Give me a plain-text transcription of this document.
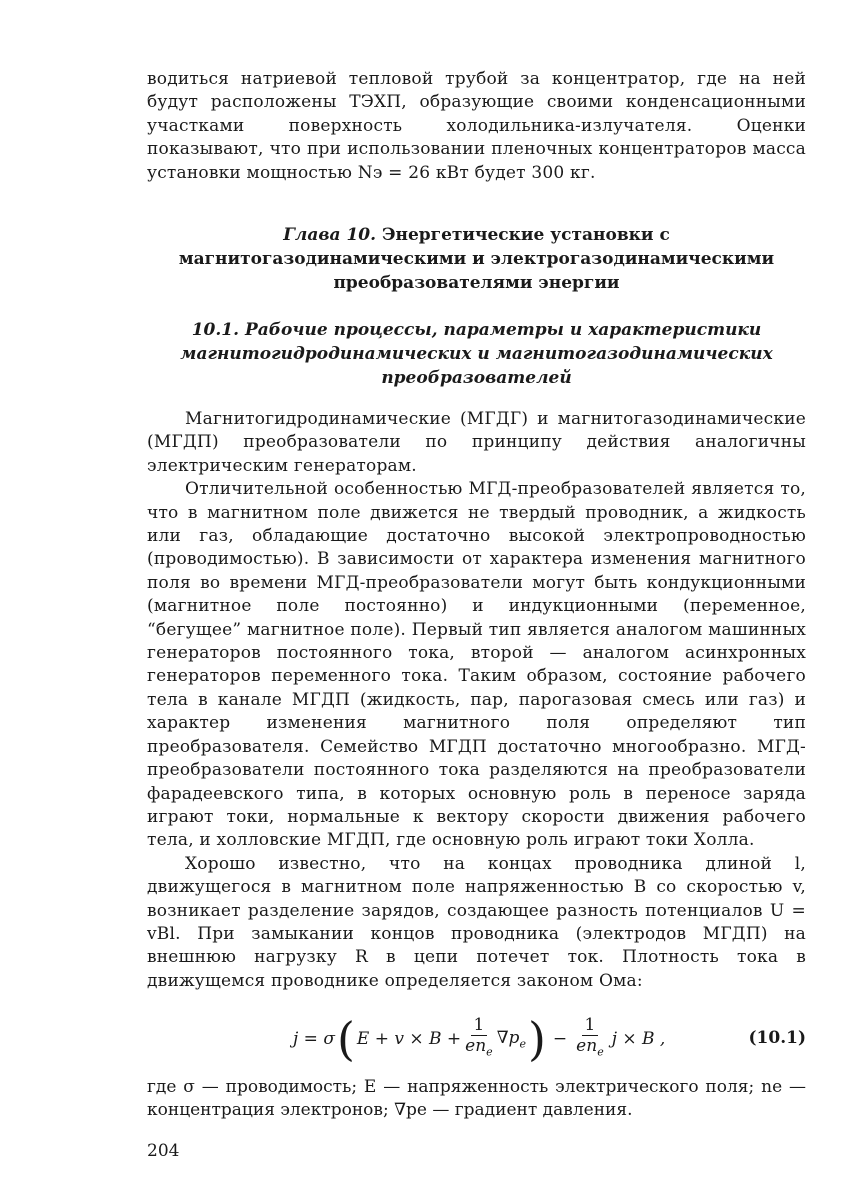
водиться натриевой тепловой трубой за концентратор, где на ней будут расположены ТЭХП, образующие своими конденсационными участками поверхность холодильника-излучателя. Оценки показывают, что при использовании пленочных концентраторов масса установки мощностью Nэ = 26 кВт будет 300 кг.

Глава 10. Энергетические установки с магнитогазодинамическими и электрогазодинамическими преобразователями энергии
10.1. Рабочие процессы, параметры и характеристики магнитогидродинамических и магнитогазодинамических преобразователей

Магнитогидродинамические (МГДГ) и магнитогазодинамические (МГДП) преобразователи по принципу действия аналогичны электрическим генераторам.

Отличительной особенностью МГД-преобразователей является то, что в магнитном поле движется не твердый проводник, а жидкость или газ, обладающие достаточно высокой электропроводностью (проводимостью). В зависимости от характера изменения магнитного поля во времени МГД-преобразователи могут быть кондукционными (магнитное поле постоянно) и индукционными (переменное, “бегущее” магнитное поле). Первый тип является аналогом машинных генераторов постоянного тока, второй — аналогом асинхронных генераторов переменного тока. Таким образом, состояние рабочего тела в канале МГДП (жидкость, пар, парогазовая смесь или газ) и характер изменения магнитного поля определяют тип преобразователя. Семейство МГДП достаточно многообразно. МГД-преобразователи постоянного тока разделяются на преобразователи фарадеевского типа, в которых основную роль в переносе заряда играют токи, нормальные к вектору скорости движения рабочего тела, и холловские МГДП, где основную роль играют токи Холла.

Хорошо известно, что на концах проводника длиной l, движущегося в магнитном поле напряженностью B со скоростью v, возникает разделение зарядов, создающее разность потенциалов U = vBl. При замыкании концов проводника (электродов МГДП) на внешнюю нагрузку R в цепи потечет ток. Плотность тока в движущемся проводнике определяется законом Ома:

j = σ ( $E + v \times B + \frac{1}{en_e} \nabla p_e$ ) − $\frac{1}{en_e}$ j × B ,	(10.1)
где σ — проводимость; E — напряженность электрического поля; ne — концентрация электронов; ∇pe — градиент давления.
204
